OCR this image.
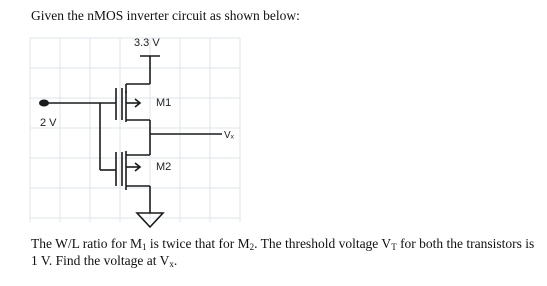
Given the nMOS inverter circuit as shown below:
3.3 V
2 V
M1
M2
Vₓ
The W/L ratio for $M_1$ is twice that for $M_2$. The threshold voltage $V_T$ for both the transistors is 1 V. Find the voltage at $V_x$.
